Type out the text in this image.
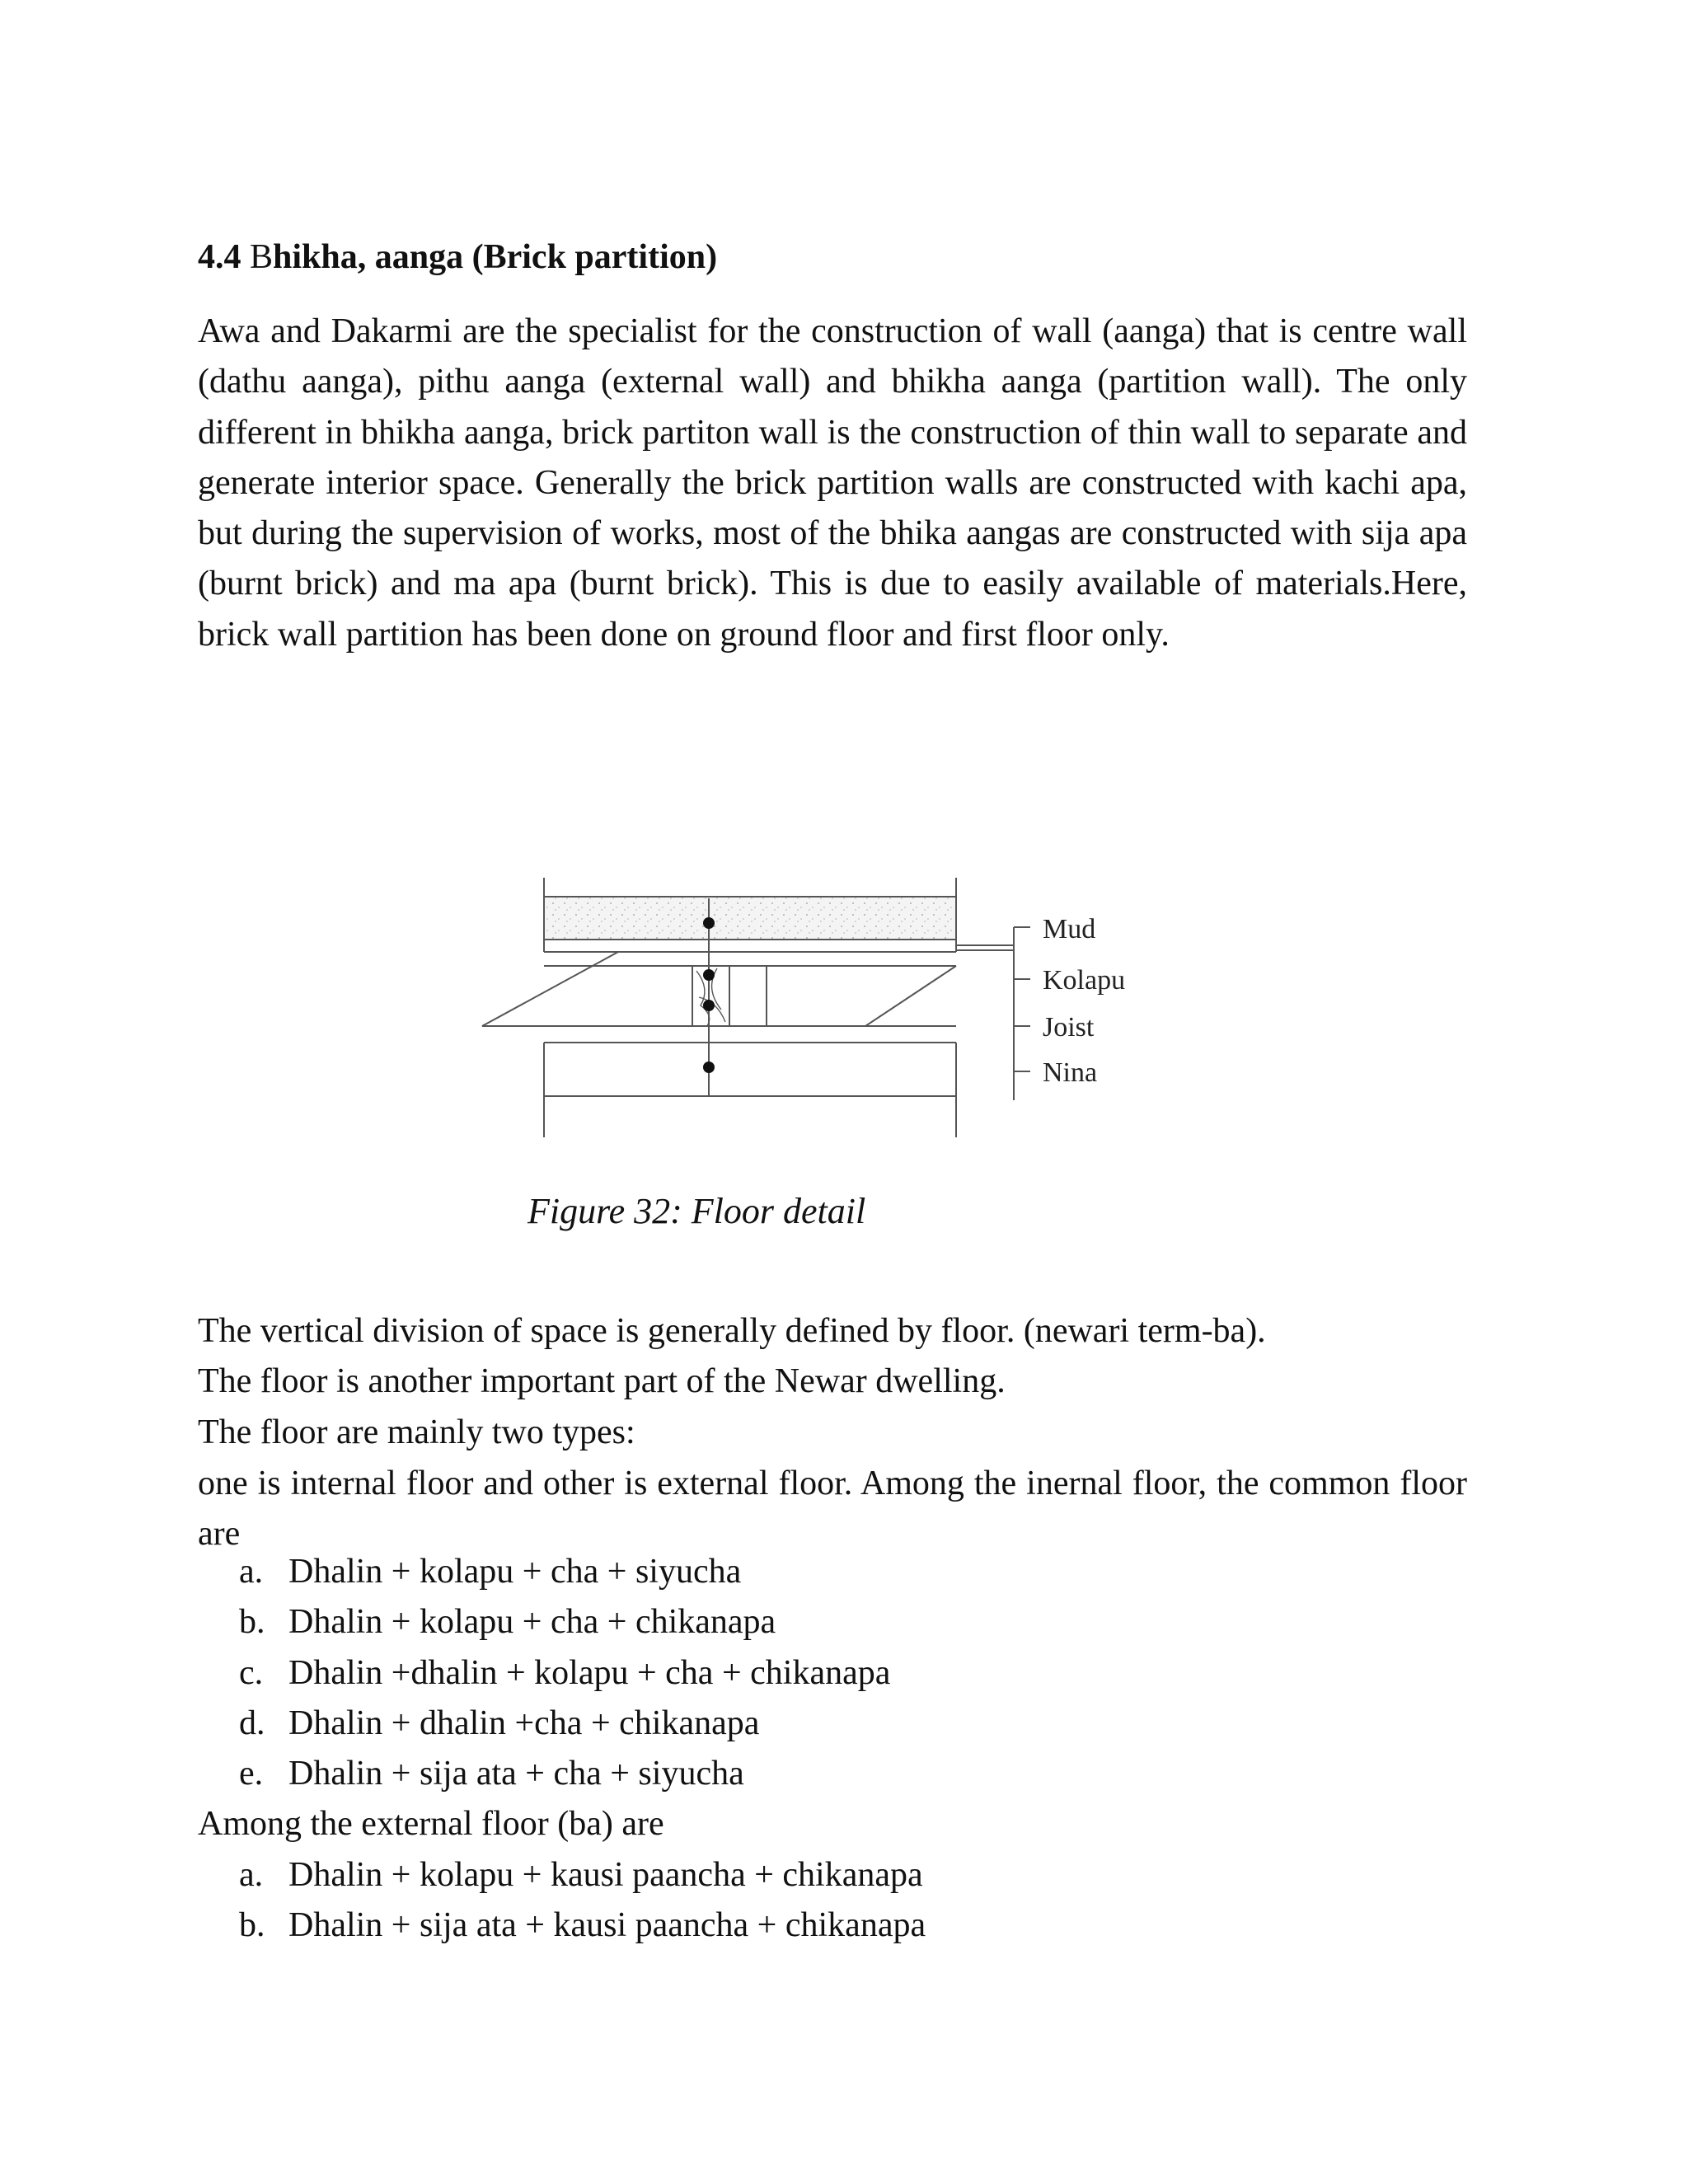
4.4 Bhikha, aanga (Brick partition)

Awa and Dakarmi are the specialist for the construction of wall (aanga) that is centre wall (dathu aanga), pithu aanga (external wall) and bhikha aanga (partition wall). The only different in bhikha aanga, brick partiton wall is the construction of thin wall to separate and generate interior space. Generally the brick partition walls are constructed with kachi apa, but during the supervision of works, most of the bhika aangas are constructed with sija apa (burnt brick) and ma apa (burnt brick). This is due to easily available of materials.Here, brick wall partition has been done on ground floor and first floor only.

Mud
Kolapu
Joist
Nina

Figure 32: Floor detail

The vertical division of space is generally defined by floor. (newari term-ba).

The floor is another important part of the Newar dwelling.

The floor are mainly two types:

one is internal floor and other is external floor. Among the inernal floor, the common floor are

a. Dhalin + kolapu + cha + siyucha
b. Dhalin + kolapu + cha + chikanapa
c. Dhalin +dhalin + kolapu + cha + chikanapa
d. Dhalin + dhalin +cha + chikanapa
e. Dhalin + sija ata + cha + siyucha

Among the external floor (ba) are

a. Dhalin + kolapu + kausi paancha + chikanapa
b. Dhalin + sija ata + kausi paancha + chikanapa
